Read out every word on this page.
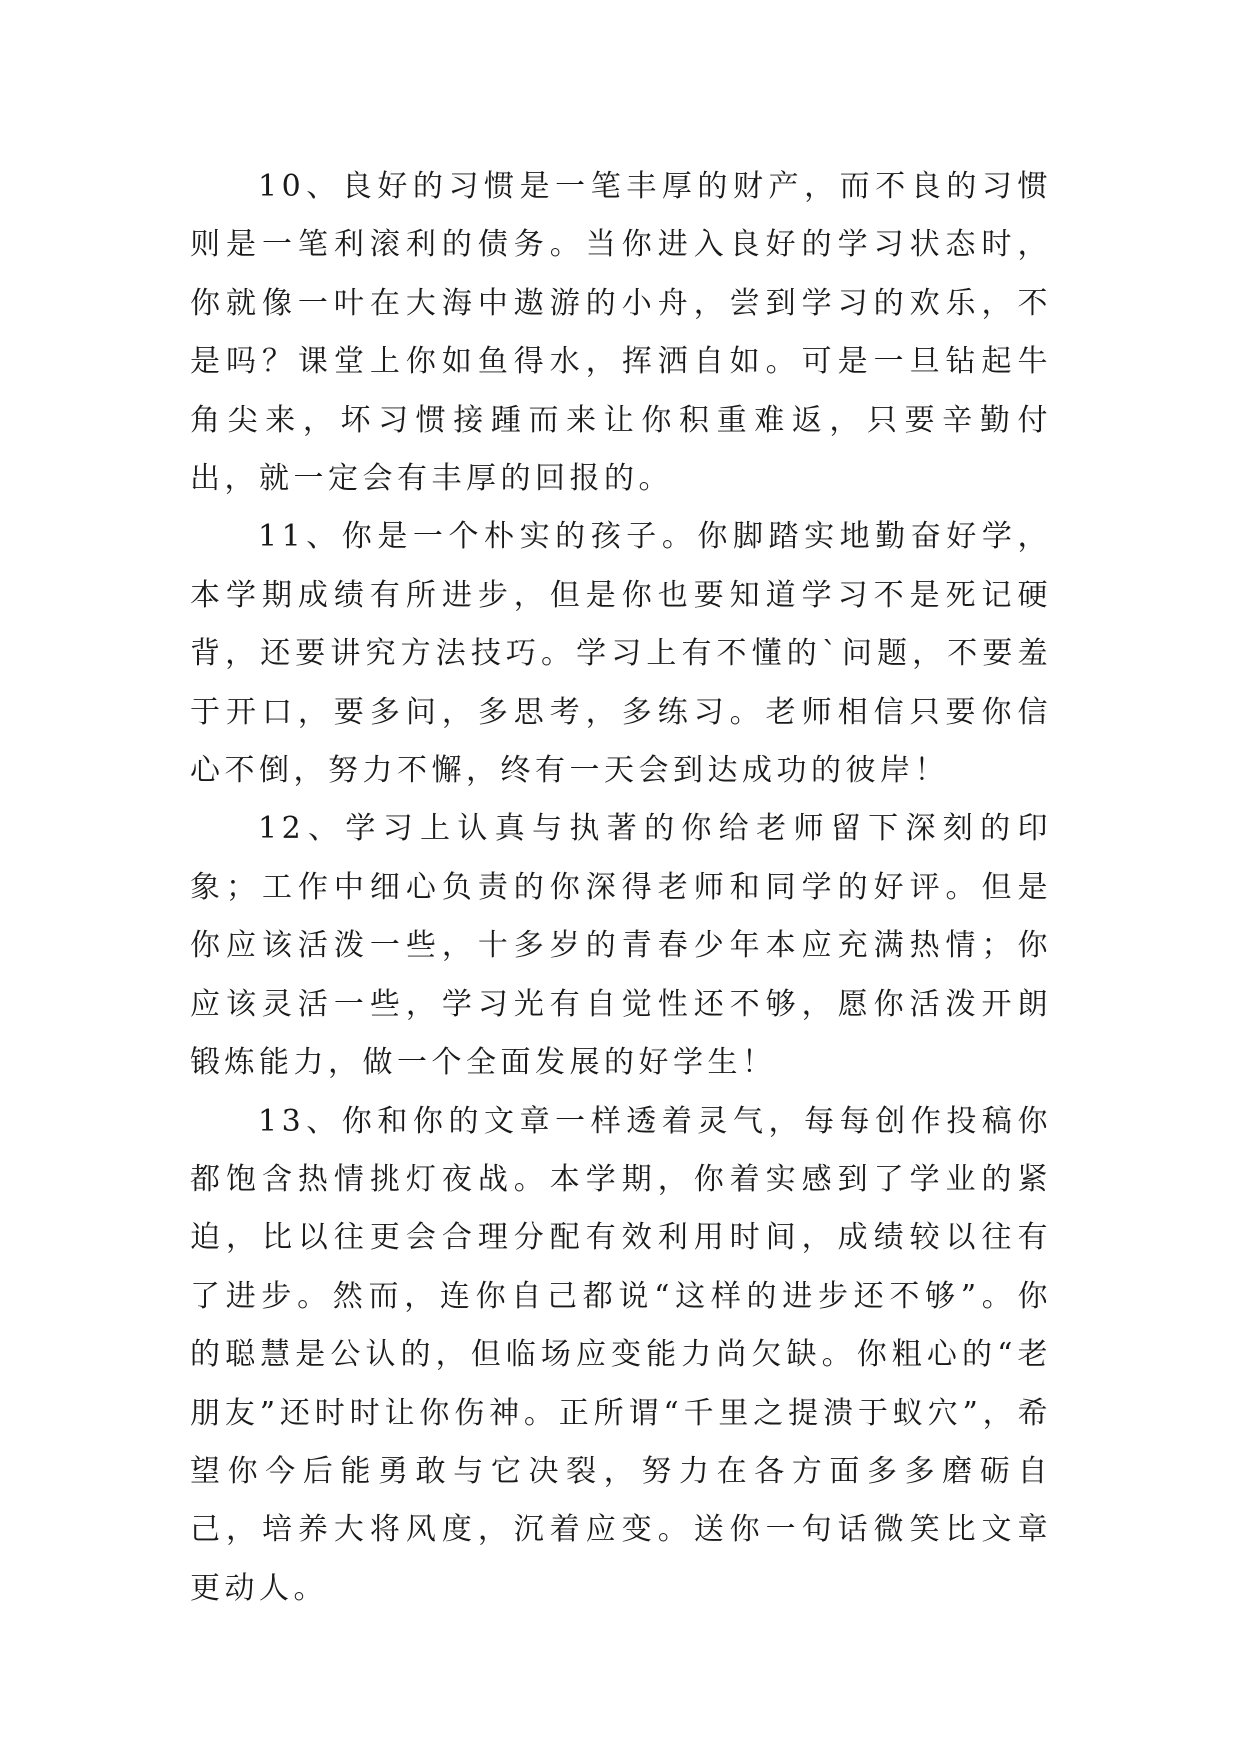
10、良好的习惯是一笔丰厚的财产，而不良的习惯则是一笔利滚利的债务。当你进入良好的学习状态时，你就像一叶在大海中遨游的小舟，尝到学习的欢乐，不是吗？课堂上你如鱼得水，挥洒自如。可是一旦钻起牛角尖来，坏习惯接踵而来让你积重难返，只要辛勤付出，就一定会有丰厚的回报的。

11、你是一个朴实的孩子。你脚踏实地勤奋好学，本学期成绩有所进步，但是你也要知道学习不是死记硬背，还要讲究方法技巧。学习上有不懂的`问题，不要羞于开口，要多问，多思考，多练习。老师相信只要你信心不倒，努力不懈，终有一天会到达成功的彼岸！

12、学习上认真与执著的你给老师留下深刻的印象；工作中细心负责的你深得老师和同学的好评。但是你应该活泼一些，十多岁的青春少年本应充满热情；你应该灵活一些，学习光有自觉性还不够，愿你活泼开朗锻炼能力，做一个全面发展的好学生！

13、你和你的文章一样透着灵气，每每创作投稿你都饱含热情挑灯夜战。本学期，你着实感到了学业的紧迫，比以往更会合理分配有效利用时间，成绩较以往有了进步。然而，连你自己都说“这样的进步还不够”。你的聪慧是公认的，但临场应变能力尚欠缺。你粗心的“老朋友”还时时让你伤神。正所谓“千里之提溃于蚁穴”，希望你今后能勇敢与它决裂，努力在各方面多多磨砺自己，培养大将风度，沉着应变。送你一句话微笑比文章更动人。
